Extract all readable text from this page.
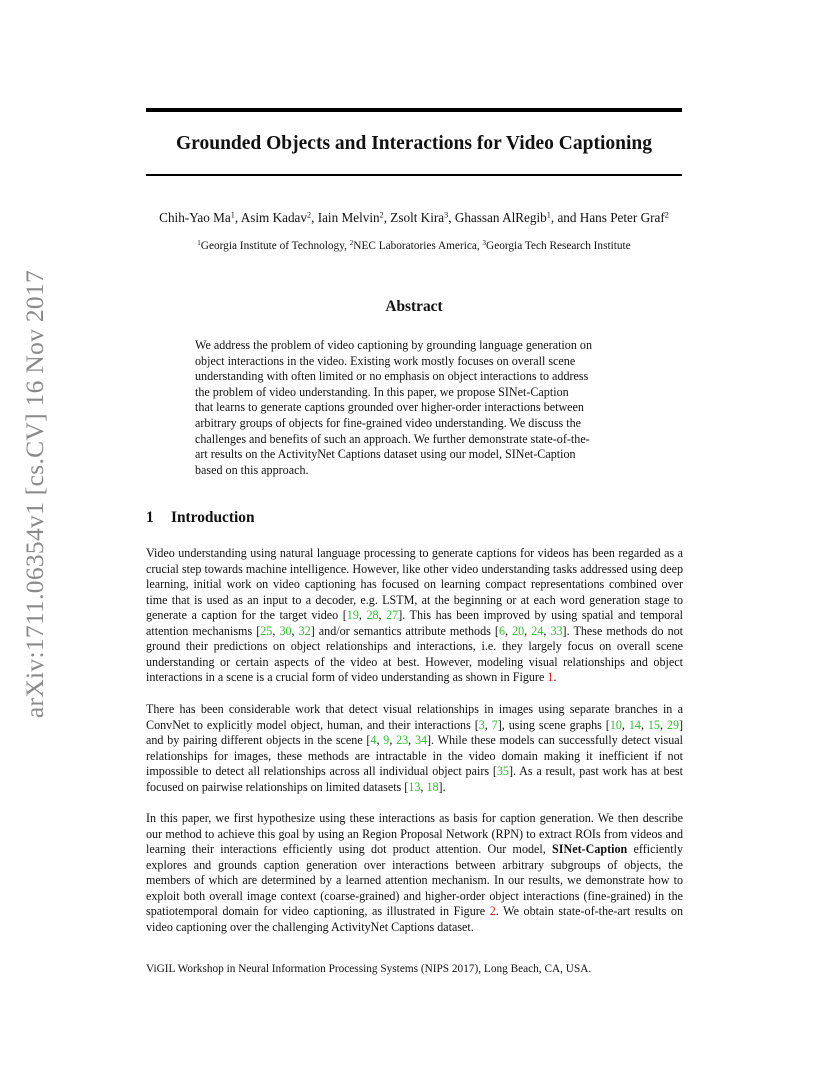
arXiv:1711.06354v1 [cs.CV] 16 Nov 2017
Grounded Objects and Interactions for Video Captioning
Chih-Yao Ma$^1$, Asim Kadav$^2$, Iain Melvin$^2$, Zsolt Kira$^3$, Ghassan AlRegib$^1$, and Hans Peter Graf$^2$
$^1$Georgia Institute of Technology, $^2$NEC Laboratories America, $^3$Georgia Tech Research Institute
Abstract
We address the problem of video captioning by grounding language generation on
object interactions in the video. Existing work mostly focuses on overall scene
understanding with often limited or no emphasis on object interactions to address
the problem of video understanding. In this paper, we propose SINet-Caption
that learns to generate captions grounded over higher-order interactions between
arbitrary groups of objects for fine-grained video understanding. We discuss the
challenges and benefits of such an approach. We further demonstrate state-of-the-
art results on the ActivityNet Captions dataset using our model, SINet-Caption
based on this approach.
1 Introduction
Video understanding using natural language processing to generate captions for videos has been regarded as a crucial step towards machine intelligence. However, like other video understanding tasks addressed using deep learning, initial work on video captioning has focused on learning compact representations combined over time that is used as an input to a decoder, e.g. LSTM, at the beginning or at each word generation stage to generate a caption for the target video [19, 28, 27]. This has been improved by using spatial and temporal attention mechanisms [25, 30, 32] and/or semantics attribute methods [6, 20, 24, 33]. These methods do not ground their predictions on object relationships and interactions, i.e. they largely focus on overall scene understanding or certain aspects of the video at best. However, modeling visual relationships and object interactions in a scene is a crucial form of video understanding as shown in Figure 1.
There has been considerable work that detect visual relationships in images using separate branches in a ConvNet to explicitly model object, human, and their interactions [3, 7], using scene graphs [10, 14, 15, 29] and by pairing different objects in the scene [4, 9, 23, 34]. While these models can successfully detect visual relationships for images, these methods are intractable in the video domain making it inefficient if not impossible to detect all relationships across all individual object pairs [35]. As a result, past work has at best focused on pairwise relationships on limited datasets [13, 18].
In this paper, we first hypothesize using these interactions as basis for caption generation. We then describe our method to achieve this goal by using an Region Proposal Network (RPN) to extract ROIs from videos and learning their interactions efficiently using dot product attention. Our model, SINet-Caption efficiently explores and grounds caption generation over interactions between arbitrary subgroups of objects, the members of which are determined by a learned attention mechanism. In our results, we demonstrate how to exploit both overall image context (coarse-grained) and higher-order object interactions (fine-grained) in the spatiotemporal domain for video captioning, as illustrated in Figure 2. We obtain state-of-the-art results on video captioning over the challenging ActivityNet Captions dataset.
ViGIL Workshop in Neural Information Processing Systems (NIPS 2017), Long Beach, CA, USA.
